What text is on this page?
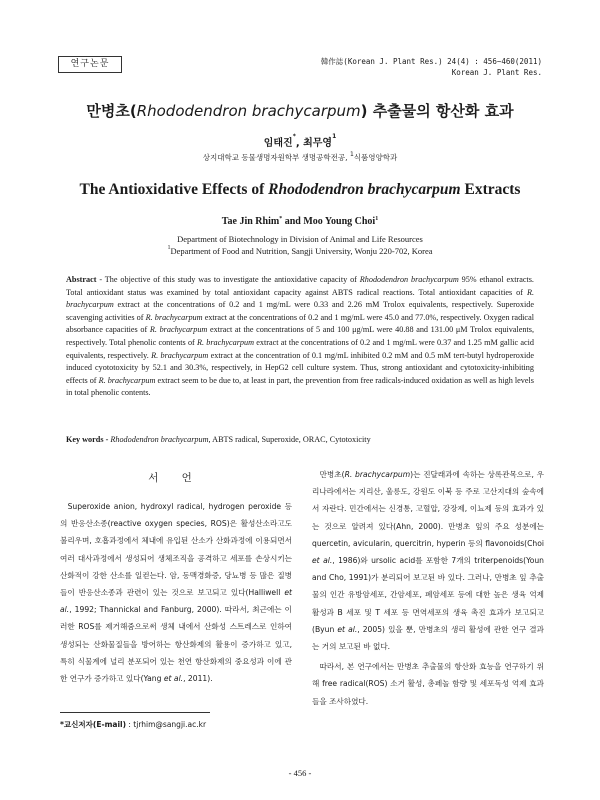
연구논문	韓作誌(Korean J. Plant Res.) 24(4) : 456~460(2011)
Korean J. Plant Res.
만병초(Rhododendron brachycarpum) 추출물의 항산화 효과
임태진*, 최무영$^1$
상지대학교 동물생명자원학부 생명공학전공, $^1$식품영양학과
The Antioxidative Effects of Rhododendron brachycarpum Extracts
Tae Jin Rhim* and Moo Young Choi$^1$
Department of Biotechnology in Division of Animal and Life Resources
$^1$Department of Food and Nutrition, Sangji University, Wonju 220-702, Korea
Abstract - The objective of this study was to investigate the antioxidative capacity of Rhododendron brachycarpum 95% ethanol extracts. Total antioxidant status was examined by total antioxidant capacity against ABTS radical reactions. Total antioxidant capacities of R. brachycarpum extract at the concentrations of 0.2 and 1 mg/mL were 0.33 and 2.26 mM Trolox equivalents, respectively. Superoxide scavenging activities of R. brachycarpum extract at the concentrations of 0.2 and 1 mg/mL were 45.0 and 77.0%, respectively. Oxygen radical absorbance capacities of R. brachycarpum extract at the concentrations of 5 and 100 μg/mL were 40.88 and 131.00 μM Trolox equivalents, respectively. Total phenolic contents of R. brachycarpum extract at the concentrations of 0.2 and 1 mg/mL were 0.37 and 1.25 mM gallic acid equivalents, respectively. R. brachycarpum extract at the concentration of 0.1 mg/mL inhibited 0.2 mM and 0.5 mM tert-butyl hydroperoxide induced cyototoxicity by 52.1 and 30.3%, respectively, in HepG2 cell culture system. Thus, strong antioxidant and cytotoxicity-inhibiting effects of R. brachycarpum extract seem to be due to, at least in part, the prevention from free radicals-induced oxidation as well as high levels in total phenolic contents.
Key words - Rhododendron brachycarpum, ABTS radical, Superoxide, ORAC, Cytotoxicity
서 언

Superoxide anion, hydroxyl radical, hydrogen peroxide 등의 반응산소종(reactive oxygen species, ROS)은 활성산소라고도 불리우며, 호흡과정에서 체내에 유입된 산소가 산화과정에 이용되면서 여러 대사과정에서 생성되어 생체조직을 공격하고 세포를 손상시키는 산화적이 강한 산소를 일컫는다. 암, 동맥경화증, 당뇨병 등 많은 질병들이 반응산소종과 관련이 있는 것으로 보고되고 있다(Halliwell et al., 1992; Thannickal and Fanburg, 2000). 따라서, 최근에는 이러한 ROS를 제거해줌으로써 생체 내에서 산화성 스트레스로 인하여 생성되는 산화물질들을 방어하는 항산화제의 활용이 증가하고 있고, 특히 식물계에 널리 분포되어 있는 천연 항산화제의 중요성과 이에 관한 연구가 증가하고 있다(Yang et al., 2011).

만병초(R. brachycarpum)는 진달래과에 속하는 상록관목으로, 우리나라에서는 지리산, 울릉도, 강원도 이북 등 주로 고산지대의 숲속에서 자란다. 민간에서는 신경통, 고혈압, 강장제, 이뇨제 등의 효과가 있는 것으로 알려져 있다(Ahn, 2000). 만병초 잎의 주요 성분에는 quercetin, avicularin, quercitrin, hyperin 등의 flavonoids(Choi et al., 1986)와 ursolic acid를 포함한 7개의 triterpenoids(Youn and Cho, 1991)가 분리되어 보고된 바 있다. 그러나, 만병초 잎 추출물의 인간 유방암세포, 간암세포, 폐암세포 등에 대한 높은 생육 억제 활성과 B 세포 및 T 세포 등 면역세포의 생육 촉진 효과가 보고되고(Byun et al., 2005) 있을 뿐, 만병초의 생리 활성에 관한 연구 결과는 거의 보고된 바 없다.

따라서, 본 연구에서는 만병초 추출물의 항산화 효능을 연구하기 위해 free radical(ROS) 소거 활성, 총페놀 함량 및 세포독성 억제 효과들을 조사하였다.

*교신저자(E-mail) : tjrhim@sangji.ac.kr
- 456 -
